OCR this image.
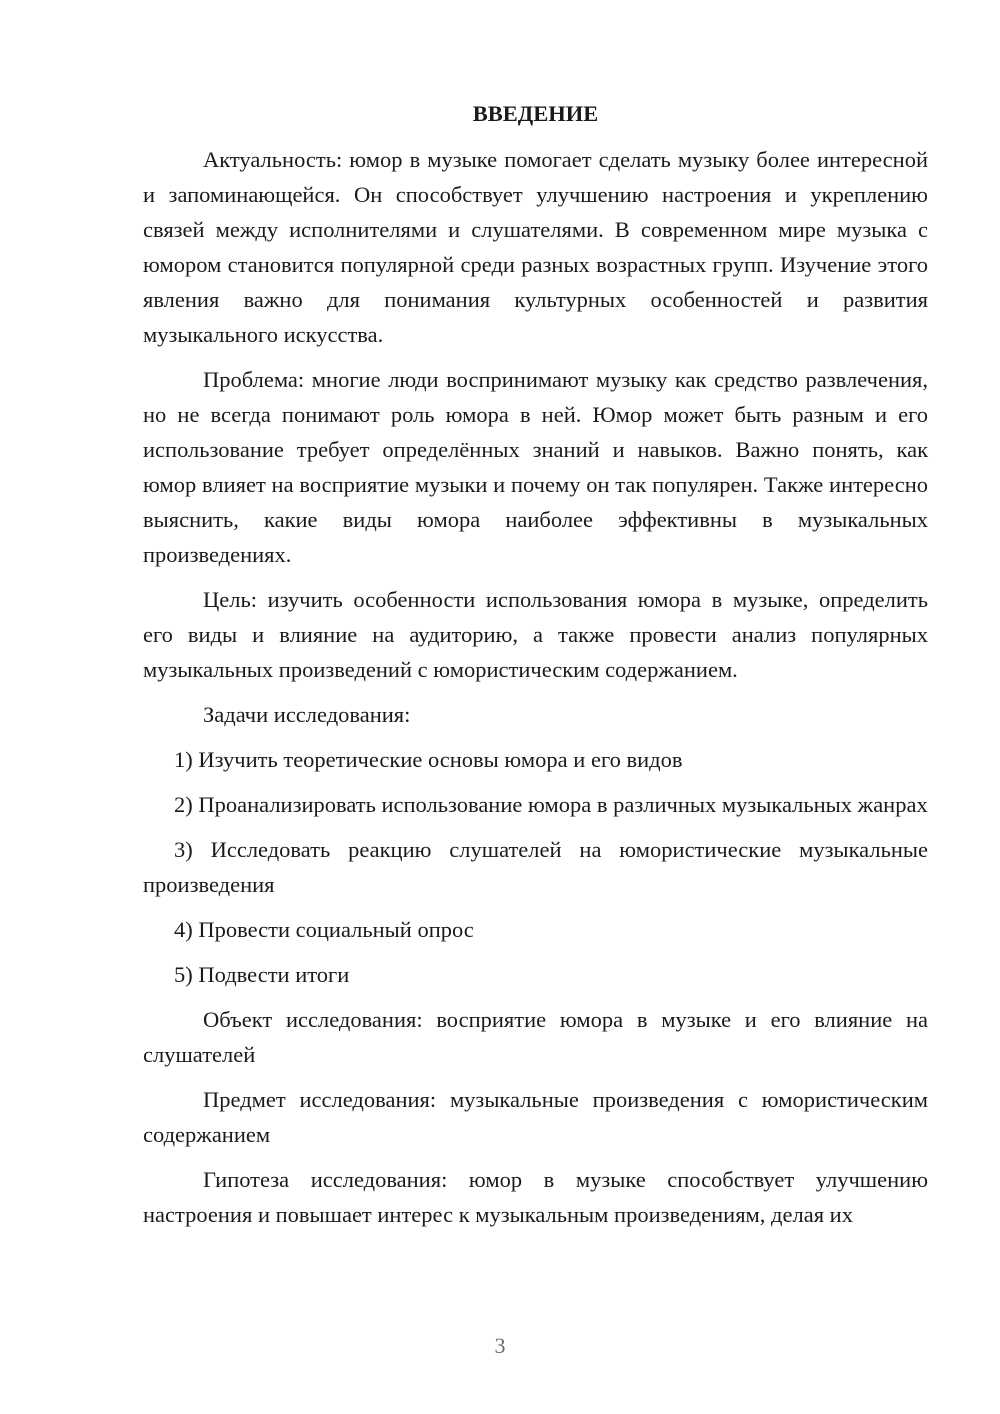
ВВЕДЕНИЕ

Актуальность: юмор в музыке помогает сделать музыку более интересной и запоминающейся. Он способствует улучшению настроения и укреплению связей между исполнителями и слушателями. В современном мире музыка с юмором становится популярной среди разных возрастных групп. Изучение этого явления важно для понимания культурных особенностей и развития музыкального искусства.

Проблема: многие люди воспринимают музыку как средство развлечения, но не всегда понимают роль юмора в ней. Юмор может быть разным и его использование требует определённых знаний и навыков. Важно понять, как юмор влияет на восприятие музыки и почему он так популярен. Также интересно выяснить, какие виды юмора наиболее эффективны в музыкальных произведениях.

Цель: изучить особенности использования юмора в музыке, определить его виды и влияние на аудиторию, а также провести анализ популярных музыкальных произведений с юмористическим содержанием.

Задачи исследования:

1) Изучить теоретические основы юмора и его видов

2) Проанализировать использование юмора в различных музыкальных жанрах

3) Исследовать реакцию слушателей на юмористические музыкальные произведения

4) Провести социальный опрос

5) Подвести итоги

Объект исследования: восприятие юмора в музыке и его влияние на слушателей

Предмет исследования: музыкальные произведения с юмористическим содержанием

Гипотеза исследования: юмор в музыке способствует улучшению настроения и повышает интерес к музыкальным произведениям, делая их

3
